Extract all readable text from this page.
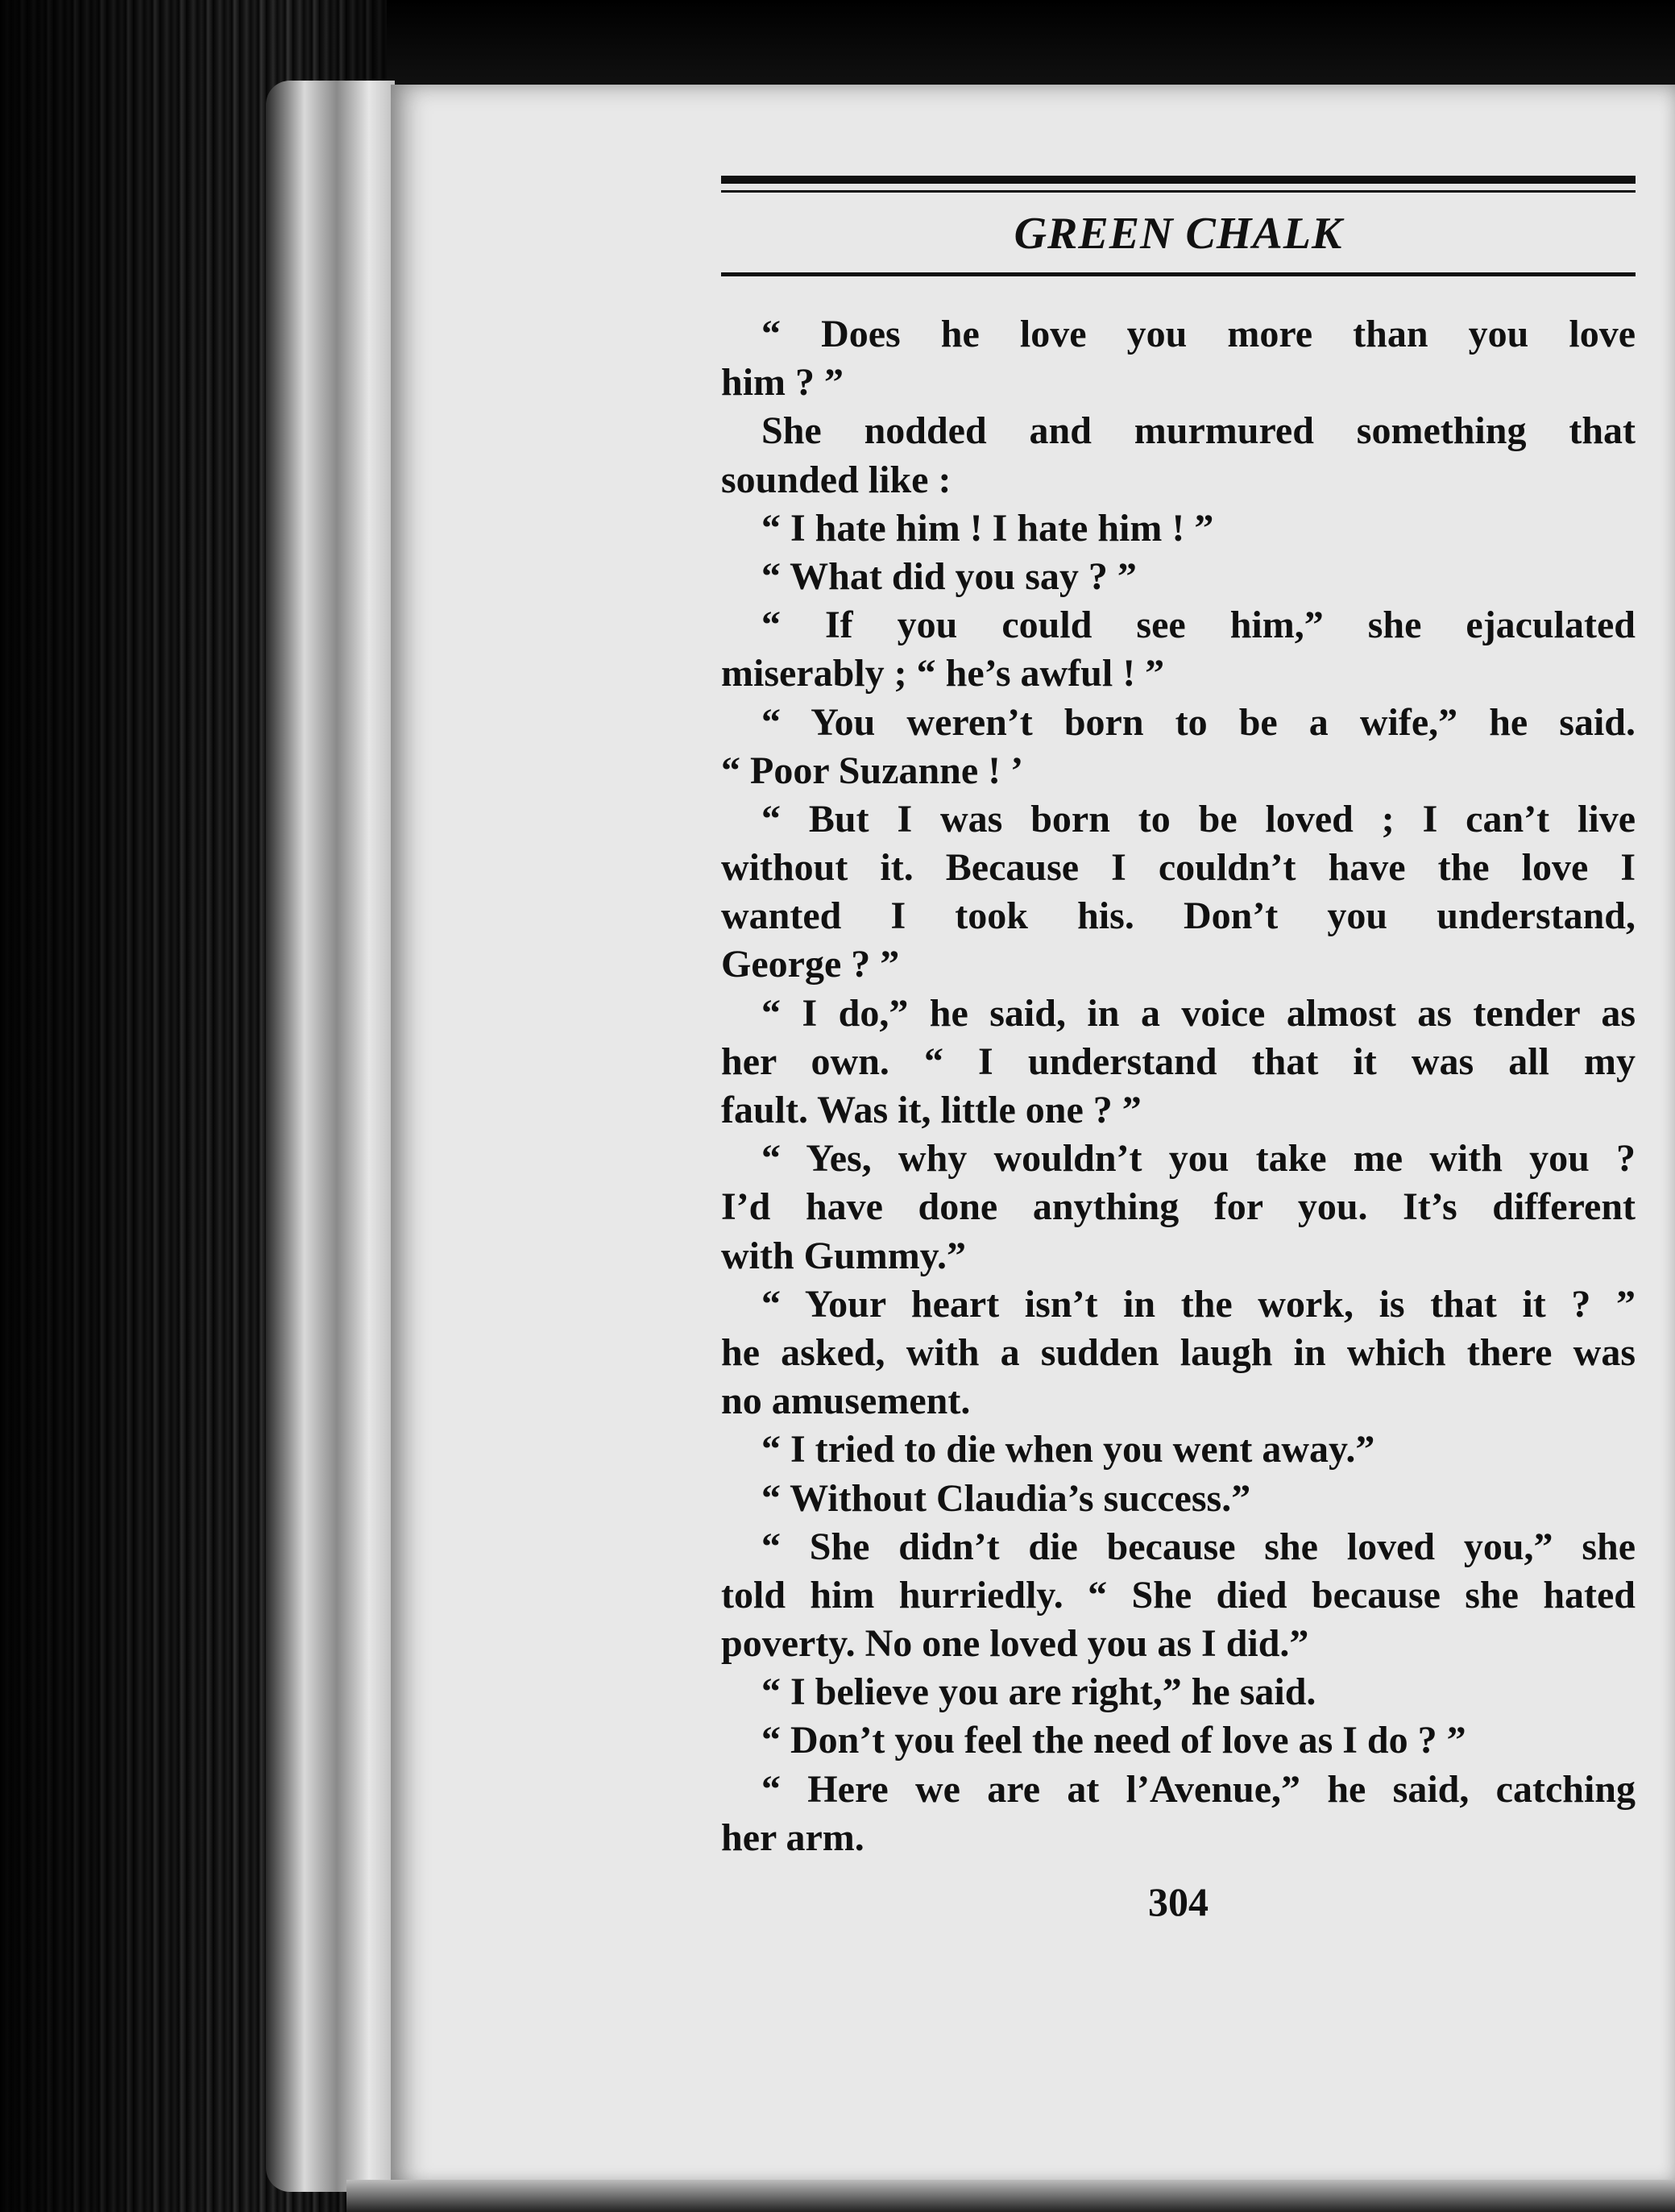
GREEN CHALK
“ Does he love you more than you love
him ? ”
She nodded and murmured something that
sounded like :
“ I hate him ! I hate him ! ”
“ What did you say ? ”
“ If you could see him,” she ejaculated
miserably ; “ he’s awful ! ”
“ You weren’t born to be a wife,” he said.
“ Poor Suzanne ! ’
“ But I was born to be loved ; I can’t live
without it. Because I couldn’t have the love I
wanted I took his. Don’t you understand,
George ? ”
“ I do,” he said, in a voice almost as tender as
her own. “ I understand that it was all my
fault. Was it, little one ? ”
“ Yes, why wouldn’t you take me with you ?
I’d have done anything for you. It’s different
with Gummy.”
“ Your heart isn’t in the work, is that it ? ”
he asked, with a sudden laugh in which there was
no amusement.
“ I tried to die when you went away.”
“ Without Claudia’s success.”
“ She didn’t die because she loved you,” she
told him hurriedly. “ She died because she hated
poverty. No one loved you as I did.”
“ I believe you are right,” he said.
“ Don’t you feel the need of love as I do ? ”
“ Here we are at l’Avenue,” he said, catching
her arm.
304
